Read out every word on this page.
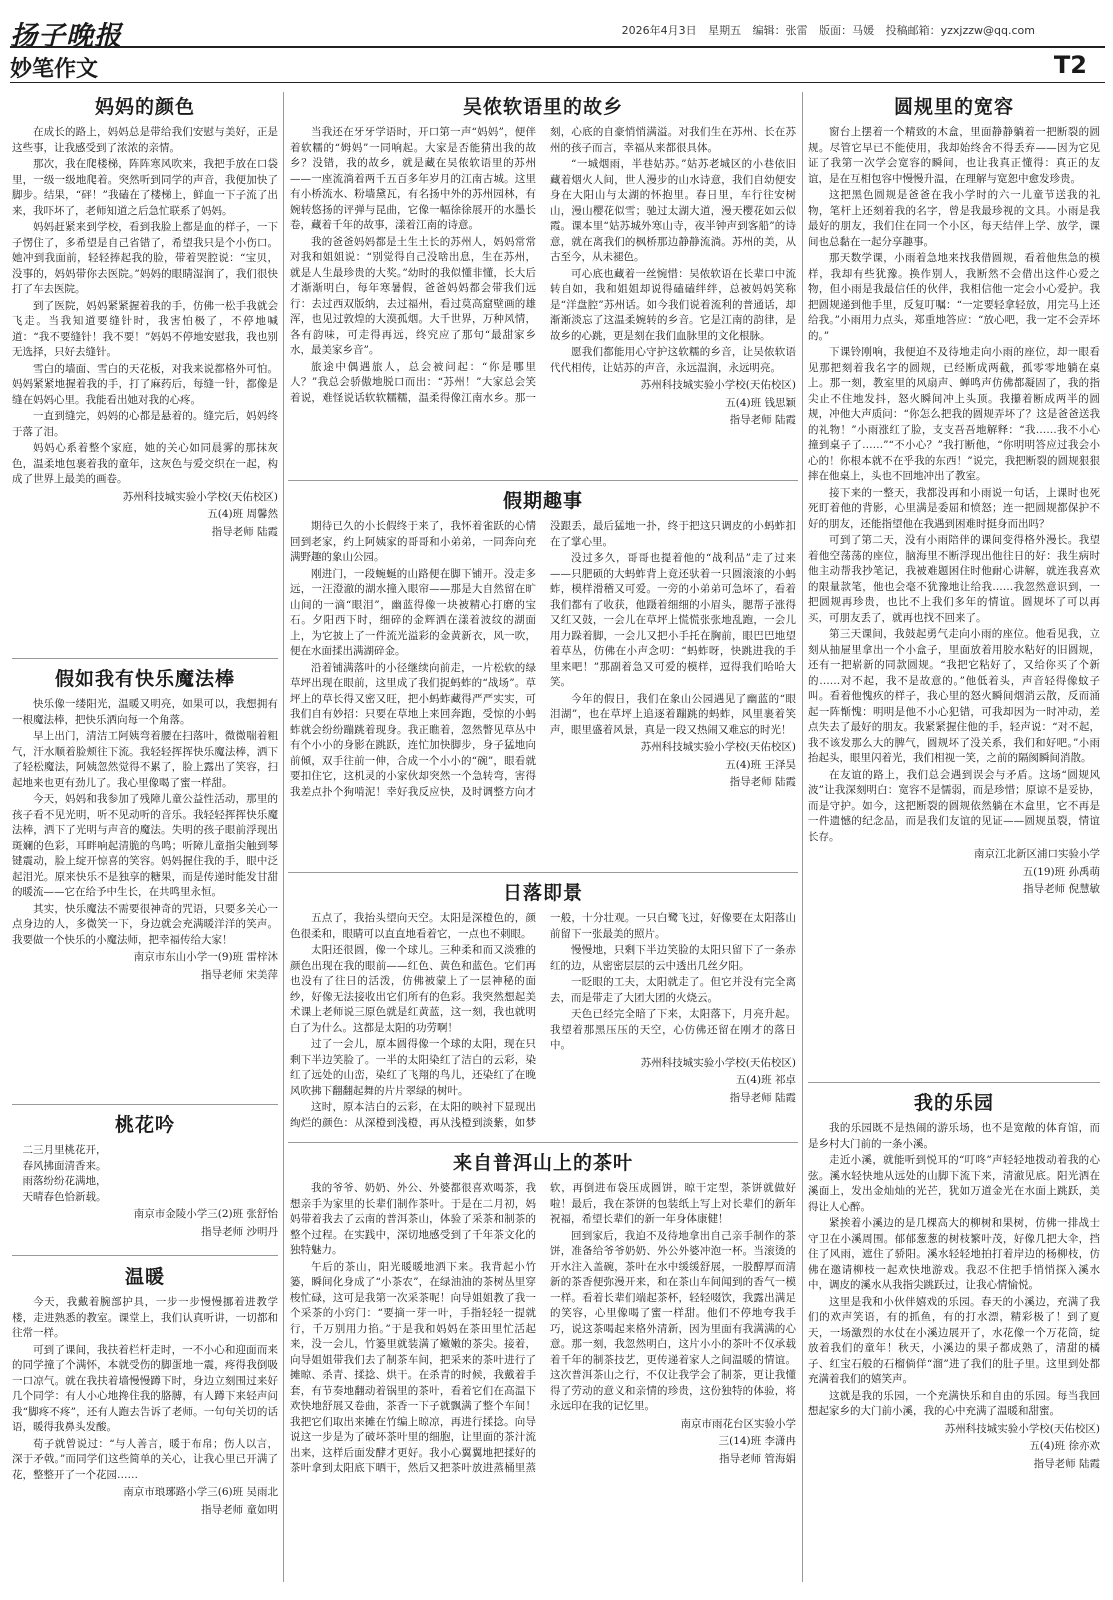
扬子晚报	2026年4月3日 星期五 编辑：张雷 版面：马媛 投稿邮箱：yzxjzzw@qq.com
妙笔作文	T2
妈妈的颜色

在成长的路上，妈妈总是带给我们安慰与美好，正是这些事，让我感受到了浓浓的亲情。

那次，我在爬楼梯，阵阵寒风吹来，我把手放在口袋里，一级一级地爬着。突然听到同学的声音，我便加快了脚步。结果，“砰！”我磕在了楼梯上，鲜血一下子流了出来，我吓坏了，老师知道之后急忙联系了妈妈。

妈妈赶紧来到学校，看到我脸上都是血的样子，一下子愣住了，多希望是自己省错了，希望我只是个小伤口。她冲到我面前，轻轻捧起我的脸，带着哭腔说：“宝贝，没事的，妈妈带你去医院。”妈妈的眼睛湿润了，我们很快打了车去医院。

到了医院，妈妈紧紧握着我的手，仿佛一松手我就会飞走。当我知道要缝针时，我害怕极了，不停地喊道：“我不要缝针！我不要！”妈妈不停地安慰我，我也别无选择，只好去缝针。

雪白的墙面、雪白的天花板，对我来说都格外可怕。妈妈紧紧地握着我的手，打了麻药后，每缝一针，都像是缝在妈妈心里。我能看出她对我的心疼。

一直到缝完，妈妈的心都是悬着的。缝完后，妈妈终于落了泪。

妈妈心系着整个家庭，她的关心如同晨雾的那抹灰色，温柔地包裹着我的童年，这灰色与爱交织在一起，构成了世界上最美的画卷。

苏州科技城实验小学校(天佑校区)

五(4)班 周馨然

指导老师 陆霞

假如我有快乐魔法棒

快乐像一缕阳光，温暖又明亮，如果可以，我想拥有一根魔法棒，把快乐洒向每一个角落。

早上出门，清洁工阿姨弯着腰在扫落叶，微微喘着粗气，汗水顺着脸颊往下流。我轻轻挥挥快乐魔法棒，洒下了轻松魔法，阿姨忽然觉得不累了，脸上露出了笑容，扫起地来也更有劲儿了。我心里像喝了蜜一样甜。

今天，妈妈和我参加了残障儿童公益性活动，那里的孩子看不见光明，听不见动听的音乐。我轻轻挥挥快乐魔法棒，洒下了光明与声音的魔法。失明的孩子眼前浮现出斑斓的色彩，耳畔响起清脆的鸟鸣；听障儿童指尖触到琴键震动，脸上绽开惊喜的笑容。妈妈握住我的手，眼中泛起泪光。原来快乐不是独享的糖果，而是传递时能发甘甜的暖流——它在给予中生长，在共鸣里永恒。

其实，快乐魔法不需要很神奇的咒语，只要多关心一点身边的人，多微笑一下，身边就会充满暖洋洋的笑声。我要做一个快乐的小魔法师，把幸福传给大家！

南京市东山小学一(9)班 雷梓沐

指导老师 宋美萍

桃花吟

二三月里桃花开，

春风拂面清香来。

雨落纷纷花满地，

天晴春色恰新载。

南京市金陵小学三(2)班 张舒怡

指导老师 沙明丹

温暖

今天，我戴着腕部护具，一步一步慢慢挪着进教学楼，走进熟悉的教室。课堂上，我们认真听讲，一切都和往常一样。

可到了课间，我扶着栏杆走时，一不小心和迎面而来的同学撞了个满怀，本就受伤的脚蛋地一震，疼得我倒吸一口凉气。就在我扶着墙慢慢蹲下时，身边立刻围过来好几个同学：有人小心地搀住我的胳膊，有人蹲下来轻声问我“脚疼不疼”，还有人跑去告诉了老师。一句句关切的话语，暖得我鼻头发酸。

荀子就曾说过：“与人善言，暖于布帛；伤人以言，深于矛戟。”而同学们这些简单的关心，让我心里已开满了花，整整开了一个花园……

南京市琅琊路小学三(6)班 吴雨北

指导老师 童如明

吴侬软语里的故乡

当我还在牙牙学语时，开口第一声“妈妈”，便伴着软糯的“姆妈”一同响起。大家是否能猜出我的故乡？没错，我的故乡，就是藏在吴侬软语里的苏州——一座流淌着两千五百多年岁月的江南古城。这里有小桥流水、粉墙黛瓦，有名扬中外的苏州园林，有婉转悠扬的评弹与昆曲，它像一幅徐徐展开的水墨长卷，藏着千年的故事，漾着江南的诗意。

我的爸爸妈妈都是土生土长的苏州人，妈妈常常对我和姐姐说：“别觉得自己没啥出息，生在苏州，就是人生最珍贵的大奖。”幼时的我似懂非懂，长大后才渐渐明白，每年寒暑假，爸爸妈妈都会带我们远行：去过西双版纳，去过福州，看过莫高窟壁画的雄浑，也见过敦煌的大漠孤烟。大千世界，万种风情，各有韵味，可走得再远，终究应了那句“最甜家乡水，最美家乡音”。

旅途中偶遇旅人，总会被问起：“你是哪里人？”我总会骄傲地脱口而出：“苏州！”大家总会笑着说，难怪说话软软糯糯，温柔得像江南水乡。那一刻，心底的自豪悄悄满溢。对我们生在苏州、长在苏州的孩子而言，幸福从来都很具体。

“一城烟雨，半巷姑苏。”姑苏老城区的小巷依旧藏着烟火人间，世人漫步的山水诗意，我们自幼便安身在大阳山与太湖的怀抱里。春日里，车行往安树山，漫山樱花似雪；驰过太湖大道，漫天樱花如云似霞。课本里“姑苏城外寒山寺，夜半钟声到客船”的诗意，就在离我们的枫桥那边静静流淌。苏州的美，从古至今，从未褪色。

可心底也藏着一丝惋惜：吴侬软语在长辈口中流转自如，我和姐姐却说得磕磕绊绊，总被妈妈笑称是“洋盘腔”苏州话。如今我们说着流利的普通话，却渐渐淡忘了这温柔婉转的乡音。它是江南的韵律，是故乡的心跳，更是刻在我们血脉里的文化根脉。

愿我们都能用心守护这软糯的乡音，让吴侬软语代代相传，让姑苏的声音，永远温润，永远明亮。

苏州科技城实验小学校(天佑校区)

五(4)班 钱思颖

指导老师 陆霞

假期趣事

期待已久的小长假终于来了，我怀着雀跃的心情回到老家，约上阿姨家的哥哥和小弟弟，一同奔向充满野趣的象山公园。

刚进门，一段蜿蜒的山路便在脚下铺开。没走多远，一汪澄澈的湖水撞入眼帘——那是大自然留在旷山间的一滴“眼泪”，幽蓝得像一块被精心打磨的宝石。夕阳西下时，细碎的金辉洒在漾着波纹的湖面上，为它披上了一件流光溢彩的金黄新衣，风一吹，便在水面揉出满湖碎金。

沿着铺满落叶的小径继续向前走，一片松软的绿草坪出现在眼前，这里成了我们捉蚂蚱的“战场”。草坪上的草长得又密又旺，把小蚂蚱藏得严严实实，可我们自有妙招：只要在草地上来回奔跑，受惊的小蚂蚱就会纷纷蹦跳着现身。我正瞧着，忽然瞥见草丛中有个小小的身影在跳跃，连忙加快脚步，身子猛地向前倾，双手往前一伸，合成一个小小的“碗”，眼看就要扣住它，这机灵的小家伙却突然一个急转弯，害得我差点扑个狗啃泥！幸好我反应快，及时调整方向才没跟丢，最后猛地一扑，终于把这只调皮的小蚂蚱扣在了掌心里。

没过多久，哥哥也提着他的“战利品”走了过来——只肥硕的大蚂蚱背上竟还驮着一只圆滚滚的小蚂蚱，模样滑稽又可爱。一旁的小弟弟可急坏了，看着我们都有了收获，他蹑着细细的小眉头，腮帮子涨得又红又鼓，一会儿在草坪上慌慌张张地乱跑，一会儿用力跺着脚，一会儿又把小手托在胸前，眼巴巴地望着草丛，仿佛在小声念叨：“蚂蚱呀，快跳进我的手里来吧！”那副着急又可爱的模样，逗得我们哈哈大笑。

今年的假日，我们在象山公园遇见了幽蓝的“眼泪湖”，也在草坪上追逐着蹦跳的蚂蚱，风里裹着笑声，眼里盛着风景，真是一段又热闹又难忘的时光！

苏州科技城实验小学校(天佑校区)

五(4)班 王泽昊

指导老师 陆霞

日落即景

五点了，我抬头望向天空。太阳是深橙色的，颜色很柔和，眼睛可以直直地看着它，一点也不刺眼。

太阳还很圆，像一个球儿。三种柔和而又淡雅的颜色出现在我的眼前——红色、黄色和蓝色。它们再也没有了往日的活泼，仿佛被蒙上了一层神秘的面纱，好像无法接收出它们所有的色彩。我突然想起美术课上老师说三原色就是红黄蓝，这一刻，我也就明白了为什么。这都是太阳的功劳啊！

过了一会儿，原本圆得像一个球的太阳，现在只剩下半边笑脸了。一半的太阳染红了洁白的云彩，染红了远处的山峦，染红了飞翔的鸟儿，还染红了在晚风吹拂下翻翻起舞的片片翠绿的树叶。

这时，原本洁白的云彩，在太阳的映衬下显现出绚烂的颜色：从深橙到浅橙，再从浅橙到淡紫，如梦一般，十分壮观。一只白鹭飞过，好像要在太阳落山前留下一张最美的照片。

慢慢地，只剩下半边笑脸的太阳只留下了一条赤红的边，从密密层层的云中透出几丝夕阳。

一眨眼的工夫，太阳就走了。但它并没有完全离去，而是带走了大团大团的火烧云。

天色已经完全暗了下来，太阳落下，月亮升起。我望着那黑压压的天空，心仿佛还留在刚才的落日中。

苏州科技城实验小学校(天佑校区)

五(4)班 祁卓

指导老师 陆霞

来自普洱山上的茶叶

我的爷爷、奶奶、外公、外婆都很喜欢喝茶，我想亲手为家里的长辈们制作茶叶。于是在二月初，妈妈带着我去了云南的普洱茶山，体验了采茶和制茶的整个过程。在实践中，深切地感受到了千年茶文化的独特魅力。

午后的茶山，阳光暖暖地洒下来。我背起小竹篓，瞬间化身成了“小茶农”，在绿油油的茶树丛里穿梭忙碌，这可是我第一次采茶呢！向导姐姐教了我一个采茶的小窍门：“要摘一芽一叶，手指轻轻一提就行，千万别用力掐。”于是我和妈妈在茶田里忙活起来，没一会儿，竹篓里就装满了嫩嫩的茶尖。接着，向导姐姐带我们去了制茶车间，把采来的茶叶进行了摊晾、杀青、揉捻、烘干。在杀青的时候，我戴着手套，有节奏地翻动着锅里的茶叶，看着它们在高温下欢快地舒展又卷曲，茶香一下子就飘满了整个车间！我把它们取出来摊在竹编上晾凉，再进行揉捻。向导说这一步是为了破坏茶叶里的细胞，让里面的茶汁流出来，这样后面发酵才更好。我小心翼翼地把揉好的茶叶拿到太阳底下晒干，然后又把茶叶放进蒸桶里蒸软，再倒进布袋压成圆饼，晾干定型，茶饼就做好啦！最后，我在茶饼的包装纸上写上对长辈们的新年祝福，希望长辈们的新一年身体康健！

回到家后，我迫不及待地拿出自己亲手制作的茶饼，准备给爷爷奶奶、外公外婆冲泡一杯。当滚烫的开水注入盖碗，茶叶在水中缓缓舒展，一股醇厚而清新的茶香便弥漫开来，和在茶山车间闻到的香气一模一样。看着长辈们端起茶杯，轻轻啜饮，我露出满足的笑容，心里像喝了蜜一样甜。他们不停地夸我手巧，说这茶喝起来格外清新，因为里面有我满满的心意。那一刻，我忽然明白，这片小小的茶叶不仅承载着千年的制茶技艺，更传递着家人之间温暖的情谊。这次普洱茶山之行，不仅让我学会了制茶，更让我懂得了劳动的意义和亲情的珍贵，这份独特的体验，将永远印在我的记忆里。

南京市雨花台区实验小学

三(14)班 李潇冉

指导老师 管海娟

圆规里的宽容

窗台上摆着一个精致的木盒，里面静静躺着一把断裂的圆规。尽管它早已不能使用，我却始终舍不得丢弃——因为它见证了我第一次学会宽容的瞬间，也让我真正懂得：真正的友谊，是在互相包容中慢慢升温，在理解与宽恕中愈发珍贵。

这把黑色圆规是爸爸在我小学时的六一儿童节送我的礼物，笔杆上还刻着我的名字，曾是我最珍视的文具。小雨是我最好的朋友，我们住在同一个小区，每天结伴上学、放学，课间也总黏在一起分享趣事。

那天数学课，小雨着急地来找我借圆规，看着他焦急的模样，我却有些犹豫。换作别人，我断然不会借出这件心爱之物，但小雨是我最信任的伙伴，我相信他一定会小心爱护。我把圆规递到他手里，反复叮嘱：“一定要轻拿轻放，用完马上还给我。”小雨用力点头，郑重地答应：“放心吧，我一定不会弄坏的。”

下课铃刚响，我便迫不及待地走向小雨的座位，却一眼看见那把刻着我名字的圆规，已经断成两截，孤零零地躺在桌上。那一刻，教室里的风扇声、蝉鸣声仿佛都凝固了，我的指尖止不住地发抖，怒火瞬间冲上头顶。我攥着断成两半的圆规，冲他大声质问：“你怎么把我的圆规弄坏了？这是爸爸送我的礼物！”小雨涨红了脸，支支吾吾地解释：“我……我不小心撞到桌子了……”“不小心？”我打断他，“你明明答应过我会小心的！你根本就不在乎我的东西！”说完，我把断裂的圆规狠狠摔在他桌上，头也不回地冲出了教室。

接下来的一整天，我都没再和小雨说一句话，上课时也死死盯着他的背影，心里满是委屈和愤怒；连一把圆规都保护不好的朋友，还能指望他在我遇到困难时挺身而出吗？

可到了第二天，没有小雨陪伴的课间变得格外漫长。我望着他空荡荡的座位，脑海里不断浮现出他往日的好：我生病时他主动帮我抄笔记，我被难题困住时他耐心讲解，就连我喜欢的限量款笔，他也会毫不犹豫地让给我……我忽然意识到，一把圆规再珍贵，也比不上我们多年的情谊。圆规坏了可以再买，可朋友丢了，就再也找不回来了。

第三天课间，我鼓起勇气走向小雨的座位。他看见我，立刻从抽屉里拿出一个小盒子，里面放着用胶水粘好的旧圆规，还有一把崭新的同款圆规。“我把它粘好了，又给你买了个新的……对不起，我不是故意的。”他低着头，声音轻得像蚊子叫。看着他愧疚的样子，我心里的怒火瞬间烟消云散，反而涌起一阵惭愧：明明是他不小心犯错，可我却因为一时冲动，差点失去了最好的朋友。我紧紧握住他的手，轻声说：“对不起，我不该发那么大的脾气，圆规坏了没关系，我们和好吧。”小雨抬起头，眼里闪着光，我们相视一笑，之前的隔阂瞬间消散。

在友谊的路上，我们总会遇到误会与矛盾。这场“圆规风波”让我深刻明白：宽容不是懦弱，而是珍惜；原谅不是妥协，而是守护。如今，这把断裂的圆规依然躺在木盒里，它不再是一件遗憾的纪念品，而是我们友谊的见证——圆规虽裂，情谊长存。

南京江北新区浦口实验小学

五(19)班 孙禹萌

指导老师 倪慧敏

我的乐园

我的乐园既不是热闹的游乐场，也不是宽敞的体育馆，而是乡村大门前的一条小溪。

走近小溪，就能听到悦耳的“叮咚”声轻轻地拨动着我的心弦。溪水轻快地从远处的山脚下流下来，清澈见底。阳光洒在溪面上，发出金灿灿的光芒，犹如万道金光在水面上跳跃，美得让人心醉。

紧挨着小溪边的是几棵高大的柳树和果树，仿佛一排战士守卫在小溪周围。郁郁葱葱的树枝繁叶茂，好像几把大伞，挡住了风雨，遮住了骄阳。溪水轻轻地拍打着岸边的杨柳枝，仿佛在邀请柳枝一起欢快地游戏。我忍不住把手悄悄探入溪水中，调皮的溪水从我指尖跳跃过，让我心情愉悦。

这里是我和小伙伴嬉戏的乐园。春天的小溪边，充满了我们的欢声笑语，有的抓鱼，有的打水漂，精彩极了！到了夏天，一场激烈的水仗在小溪边展开了，水花像一个万花筒，绽放着我们的童年！秋天，小溪边的果子都成熟了，清甜的橘子、红宝石般的石榴倘佯“溜”进了我们的肚子里。这里到处都充满着我们的嬉笑声。

这就是我的乐园，一个充满快乐和自由的乐园。每当我回想起家乡的大门前小溪，我的心中充满了温暖和甜蜜。

苏州科技城实验小学校(天佑校区)

五(4)班 徐亦欢

指导老师 陆霞
